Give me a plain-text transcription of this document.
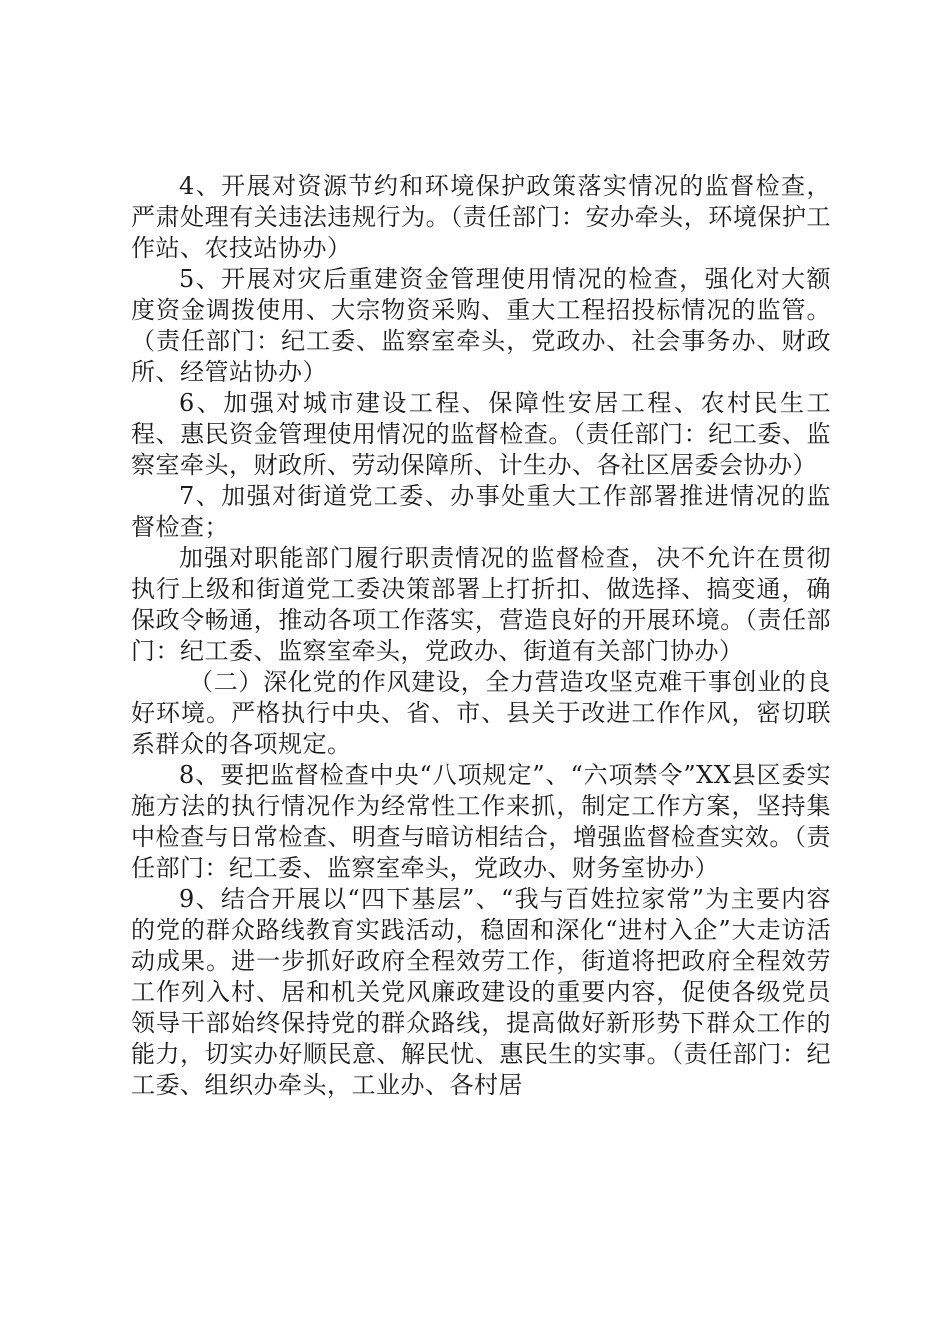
4、开展对资源节约和环境保护政策落实情况的监督检查，严肃处理有关违法违规行为。（责任部门：安办牵头，环境保护工作站、农技站协办）

5、开展对灾后重建资金管理使用情况的检查，强化对大额度资金调拨使用、大宗物资采购、重大工程招投标情况的监管。（责任部门：纪工委、监察室牵头，党政办、社会事务办、财政所、经管站协办）

6、加强对城市建设工程、保障性安居工程、农村民生工程、惠民资金管理使用情况的监督检查。（责任部门：纪工委、监察室牵头，财政所、劳动保障所、计生办、各社区居委会协办）

7、加强对街道党工委、办事处重大工作部署推进情况的监督检查；

加强对职能部门履行职责情况的监督检查，决不允许在贯彻执行上级和街道党工委决策部署上打折扣、做选择、搞变通，确保政令畅通，推动各项工作落实，营造良好的开展环境。（责任部门：纪工委、监察室牵头，党政办、街道有关部门协办）

（二）深化党的作风建设，全力营造攻坚克难干事创业的良好环境。严格执行中央、省、市、县关于改进工作作风，密切联系群众的各项规定。

8、要把监督检查中央“八项规定”、“六项禁令”XX县区委实施方法的执行情况作为经常性工作来抓，制定工作方案，坚持集中检查与日常检查、明查与暗访相结合，增强监督检查实效。（责任部门：纪工委、监察室牵头，党政办、财务室协办）

9、结合开展以“四下基层”、“我与百姓拉家常”为主要内容的党的群众路线教育实践活动，稳固和深化“进村入企”大走访活动成果。进一步抓好政府全程效劳工作，街道将把政府全程效劳工作列入村、居和机关党风廉政建设的重要内容，促使各级党员领导干部始终保持党的群众路线，提高做好新形势下群众工作的能力，切实办好顺民意、解民忧、惠民生的实事。（责任部门：纪工委、组织办牵头，工业办、各村居
